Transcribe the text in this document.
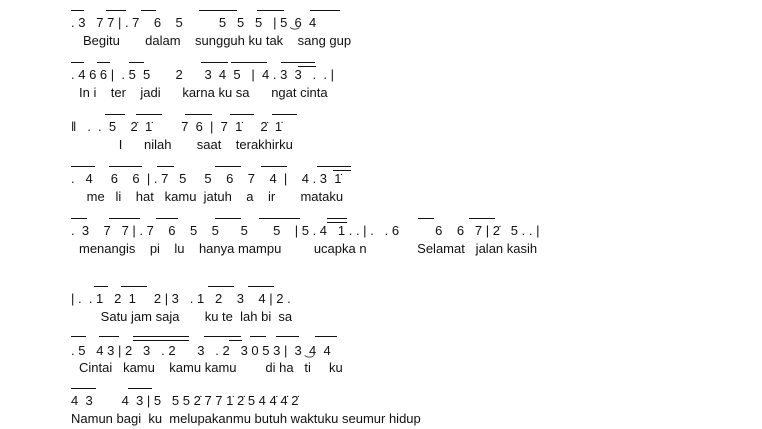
. 3   7 7 | . 7    6    5          5   5   5   | 5 ͜ 6  4
Begitu       dalam    sungguh ku tak    sang gup
. 4 6 6 |  . 5  5       2      3  4  5   |  4 . 3  3   .  . |
In i    ter    jadi      karna ku sa      ngat cinta
‖   .  .  5    2̇  1̇        7  6  |  7  1̇     2̇  1̇
I      nilah       saat    terakhirku
.   4     6    6  | . 7   5     5    6    7    4  |    4 . 3  1̇
me   li    hat   kamu  jatuh    a    ir       mataku
.  3    7   7 | . 7    6    5    5      5       5    | 5 . 4   1 . . | .   . 6          6    6   7 | 2̇   5 . . |
menangis    pi    lu    hanya mampu         ucapka n              Selamat   jalan kasih
| .  . 1   2  1     2 | 3   . 1   2    3    4 | 2 .
Satu jam saja       ku te  lah bi  sa
. 5   4 3 | 2   3   . 2      3   . 2   3 0 5 3 |  3 ͜ 4  4
Cintai   kamu    kamu kamu        di ha   ti     ku
4  3        4  3 | 5   5 5 2̇ 7 7 1̇ 2̇ 5 4 4̇ 4̇ 2̇
Namun bagi  ku  melupakanmu butuh waktuku seumur hidup
